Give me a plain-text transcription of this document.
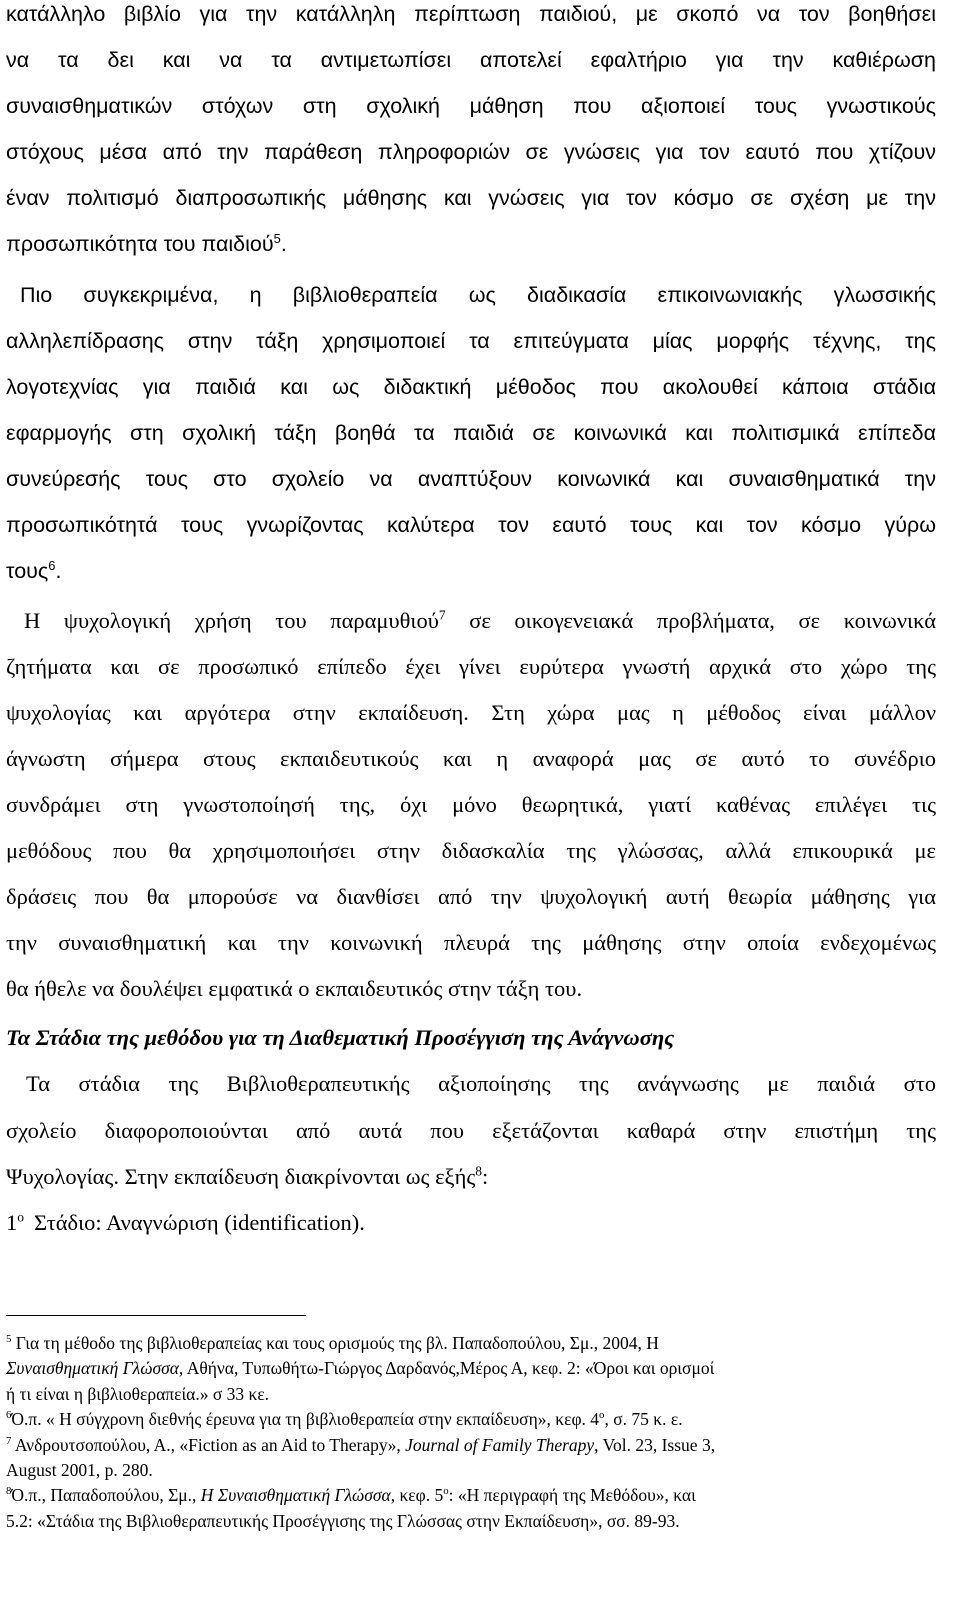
κατάλληλο βιβλίο για την κατάλληλη περίπτωση παιδιού, με σκοπό να τον βοηθήσει
να τα δει και να τα αντιμετωπίσει αποτελεί εφαλτήριο για την καθιέρωση
συναισθηματικών στόχων στη σχολική μάθηση που αξιοποιεί τους γνωστικούς
στόχους μέσα από την παράθεση πληροφοριών σε γνώσεις για τον εαυτό που χτίζουν
έναν πολιτισμό διαπροσωπικής μάθησης και γνώσεις για τον κόσμο σε σχέση με την
προσωπικότητα του παιδιού$^5$.
Πιο συγκεκριμένα, η βιβλιοθεραπεία ως διαδικασία επικοινωνιακής γλωσσικής
αλληλεπίδρασης στην τάξη χρησιμοποιεί τα επιτεύγματα μίας μορφής τέχνης, της
λογοτεχνίας για παιδιά και ως διδακτική μέθοδος που ακολουθεί κάποια στάδια
εφαρμογής στη σχολική τάξη βοηθά τα παιδιά σε κοινωνικά και πολιτισμικά επίπεδα
συνεύρεσής τους στο σχολείο να αναπτύξουν κοινωνικά και συναισθηματικά την
προσωπικότητά τους γνωρίζοντας καλύτερα τον εαυτό τους και τον κόσμο γύρω
τους$^6$.
Η ψυχολογική χρήση του παραμυθιού$^7$ σε οικογενειακά προβλήματα, σε κοινωνικά
ζητήματα και σε προσωπικό επίπεδο έχει γίνει ευρύτερα γνωστή αρχικά στο χώρο της
ψυχολογίας και αργότερα στην εκπαίδευση. Στη χώρα μας η μέθοδος είναι μάλλον
άγνωστη σήμερα στους εκπαιδευτικούς και η αναφορά μας σε αυτό το συνέδριο
συνδράμει στη γνωστοποίησή της, όχι μόνο θεωρητικά, γιατί καθένας επιλέγει τις
μεθόδους που θα χρησιμοποιήσει στην διδασκαλία της γλώσσας, αλλά επικουρικά με
δράσεις που θα μπορούσε να διανθίσει από την ψυχολογική αυτή θεωρία μάθησης για
την συναισθηματική και την κοινωνική πλευρά της μάθησης στην οποία ενδεχομένως
θα ήθελε να δουλέψει εμφατικά ο εκπαιδευτικός στην τάξη του.
Τα Στάδια της μεθόδου για τη Διαθεματική Προσέγγιση της Ανάγνωσης
Τα στάδια της Βιβλιοθεραπευτικής αξιοποίησης της ανάγνωσης με παιδιά στο
σχολείο διαφοροποιούνται από αυτά που εξετάζονται καθαρά στην επιστήμη της
Ψυχολογίας. Στην εκπαίδευση διακρίνονται ως εξής$^8$:
$1^o$ Στάδιο: Αναγνώριση (identification).
$^5$ Για τη μέθοδο της βιβλιοθεραπείας και τους ορισμούς της βλ. Παπαδοπούλου, Σμ., 2004, Η
Συναισθηματική Γλώσσα, Αθήνα, Τυπωθήτω-Γιώργος Δαρδανός,Μέρος Α, κεφ. 2: «Όροι και ορισμοί
ή τι είναι η βιβλιοθεραπεία.» σ 33 κε.
$^6$Ό.π. « Η σύγχρονη διεθνής έρευνα για τη βιβλιοθεραπεία στην εκπαίδευση», κεφ. $4^o$, σ. 75 κ. ε.
$^7$ Ανδρουτσοπούλου, Α., «Fiction as an Aid to Therapy», Journal of Family Therapy, Vol. 23, Issue 3,
August 2001, p. 280.
$^8$Ό.π., Παπαδοπούλου, Σμ., Η Συναισθηματική Γλώσσα, κεφ. $5^o$: «Η περιγραφή της Μεθόδου», και
5.2: «Στάδια της Βιβλιοθεραπευτικής Προσέγγισης της Γλώσσας στην Εκπαίδευση», σσ. 89-93.
